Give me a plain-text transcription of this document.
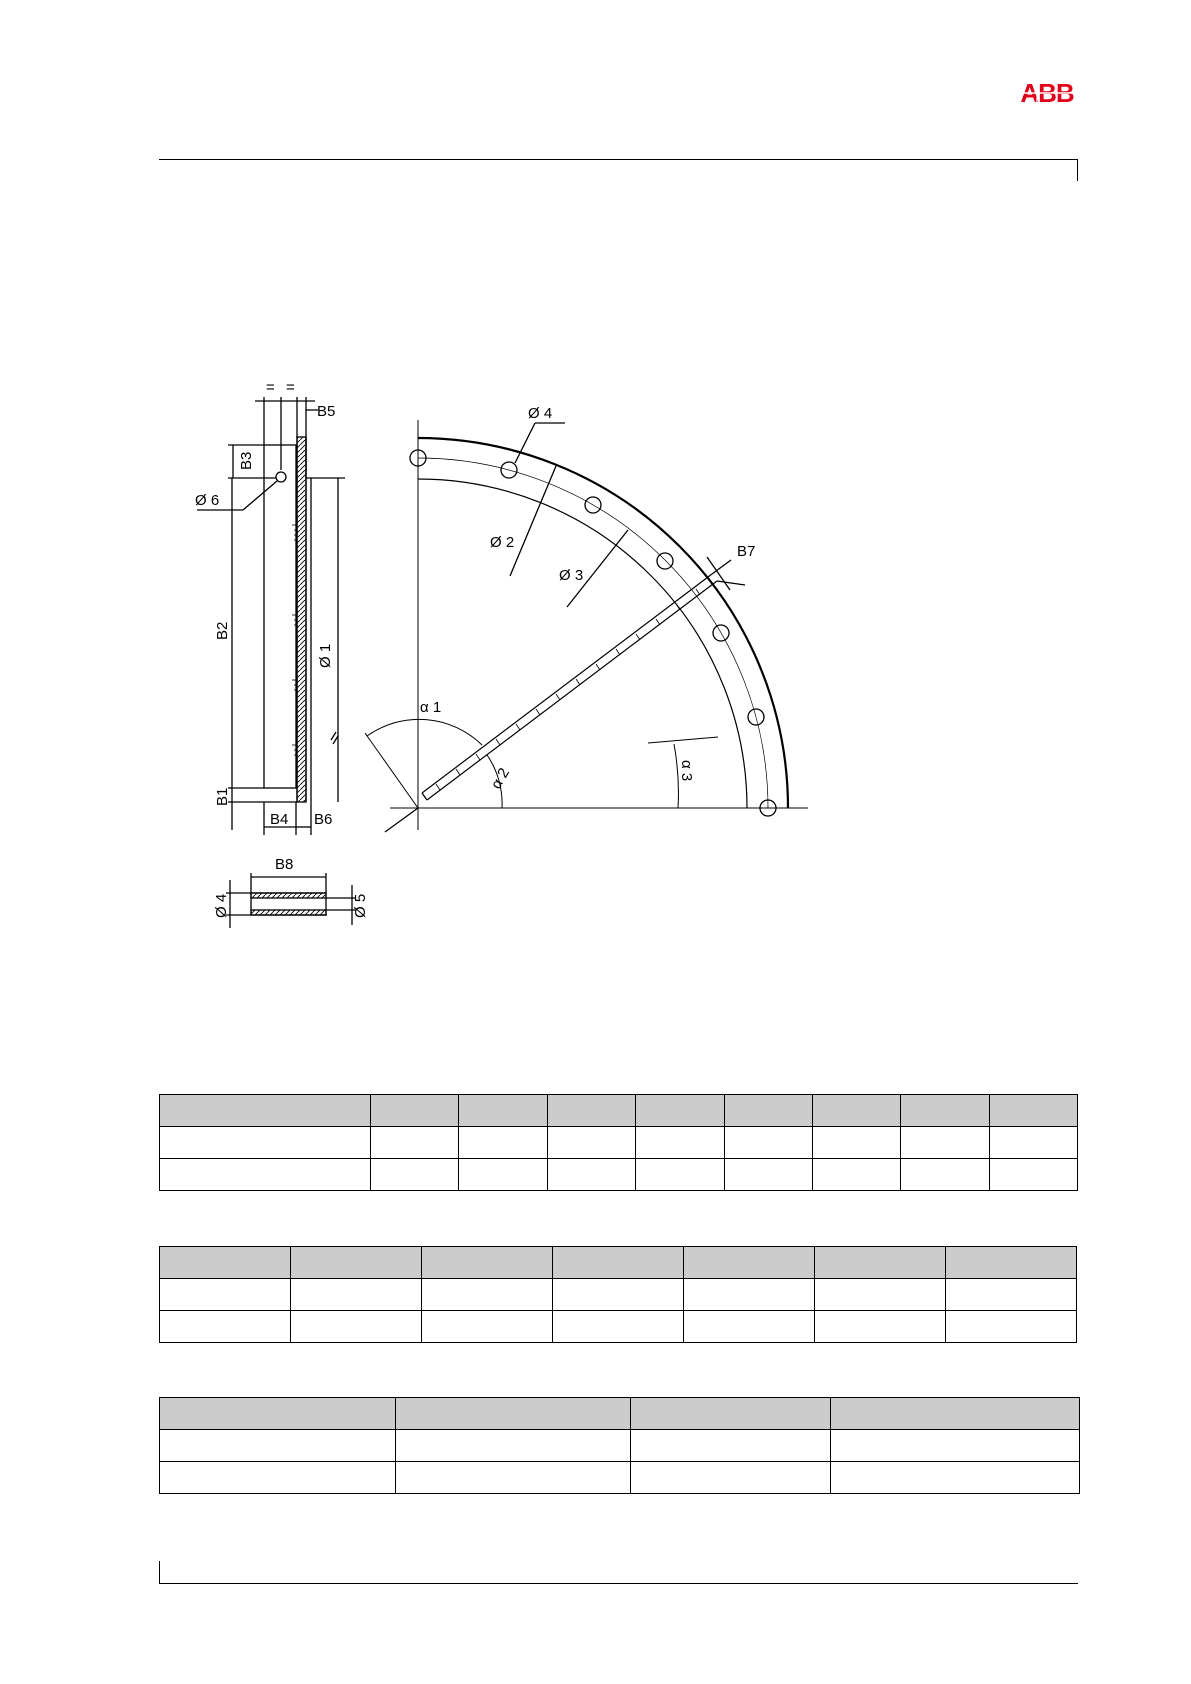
ABB
= =
B5
B3
Ø 6
B2
Ø 1
B1
B4 B6
Ø 4
Ø 2
Ø 3
B7
α 1
α 2	α 3
B8
Ø 4	Ø 5
